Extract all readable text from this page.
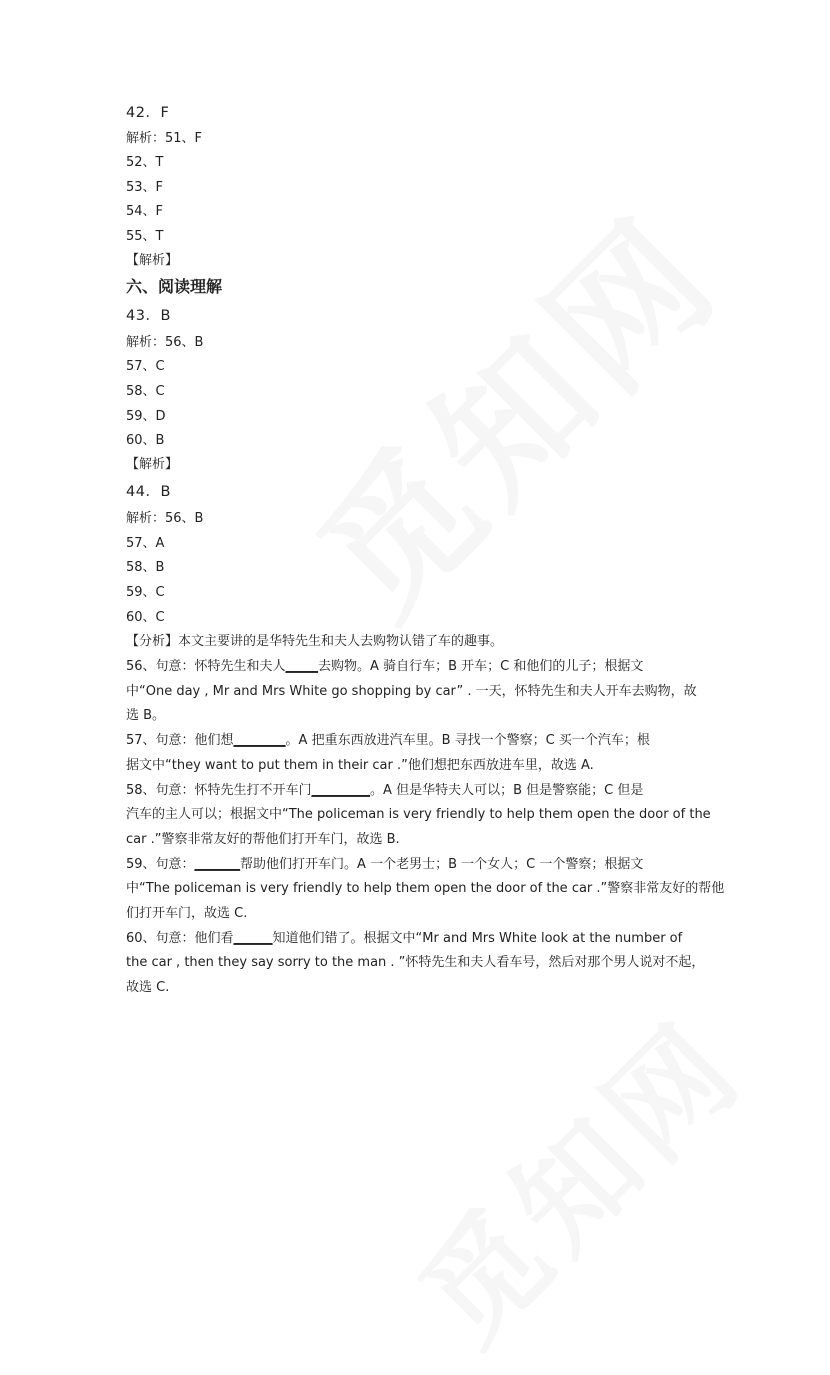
42．F
解析：51、F
52、T
53、F
54、F
55、T
【解析】
六、阅读理解
43．B
解析：56、B
57、C
58、C
59、D
60、B
【解析】
44．B
解析：56、B
57、A
58、B
59、C
60、C
【分析】本文主要讲的是华特先生和夫人去购物认错了车的趣事。

56、句意：怀特先生和夫人_____去购物。A 骑自行车；B 开车；C 和他们的儿子；根据文

中“One day , Mr and Mrs White go shopping by car” . 一天，怀特先生和夫人开车去购物，故

选 B。

57、句意：他们想________。A 把重东西放进汽车里。B 寻找一个警察；C 买一个汽车；根

据文中“they want to put them in their car .”他们想把东西放进车里，故选 A.

58、句意：怀特先生打不开车门_________。A 但是华特夫人可以；B 但是警察能；C 但是

汽车的主人可以；根据文中“The policeman is very friendly to help them open the door of the

car .”警察非常友好的帮他们打开车门，故选 B.

59、句意：_______帮助他们打开车门。A 一个老男士；B 一个女人；C 一个警察；根据文

中“The policeman is very friendly to help them open the door of the car .”警察非常友好的帮他

们打开车门，故选 C.

60、句意：他们看______知道他们错了。根据文中“Mr and Mrs White look at the number of

the car , then they say sorry to the man . ”怀特先生和夫人看车号，然后对那个男人说对不起，

故选 C.
